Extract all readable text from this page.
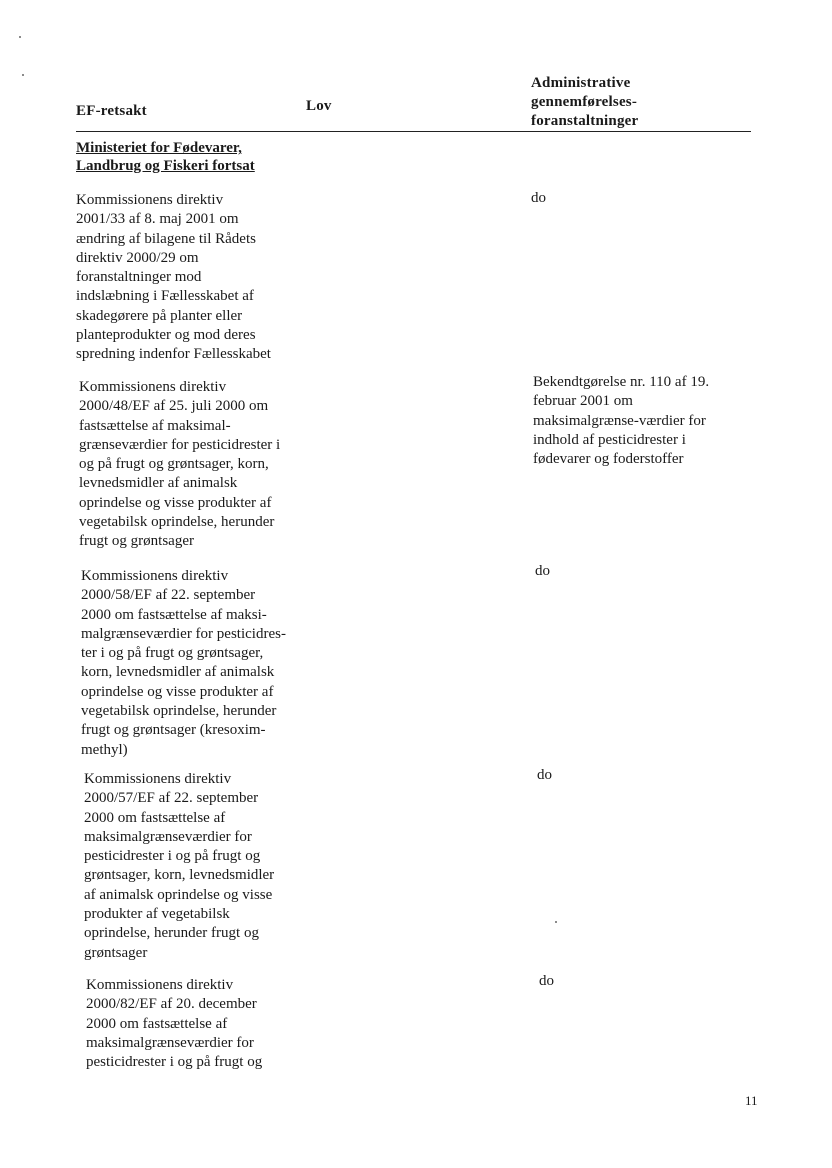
EF-retsakt	Lov
Administrative
gennemførelses-
foranstaltninger
Ministeriet for Fødevarer,
Landbrug og Fiskeri fortsat
Kommissionens direktiv
2001/33 af 8. maj 2001 om
ændring af bilagene til Rådets
direktiv 2000/29 om
foranstaltninger mod
indslæbning i Fællesskabet af
skadegørere på planter eller
planteprodukter og mod deres
spredning indenfor Fællesskabet
do
Kommissionens direktiv
2000/48/EF af 25. juli 2000 om
fastsættelse af maksimal-
grænseværdier for pesticidrester i
og på frugt og grøntsager, korn,
levnedsmidler af animalsk
oprindelse og visse produkter af
vegetabilsk oprindelse, herunder
frugt og grøntsager
Bekendtgørelse nr. 110 af 19.
februar 2001 om
maksimalgrænse-værdier for
indhold af pesticidrester i
fødevarer og foderstoffer
Kommissionens direktiv
2000/58/EF af 22. september
2000 om fastsættelse af maksi-
malgrænseværdier for pesticidres-
ter i og på frugt og grøntsager,
korn, levnedsmidler af animalsk
oprindelse og visse produkter af
vegetabilsk oprindelse, herunder
frugt og grøntsager (kresoxim-
methyl)
do
Kommissionens direktiv
2000/57/EF af 22. september
2000 om fastsættelse af
maksimalgrænseværdier for
pesticidrester i og på frugt og
grøntsager, korn, levnedsmidler
af animalsk oprindelse og visse
produkter af vegetabilsk
oprindelse, herunder frugt og
grøntsager
do
Kommissionens direktiv
2000/82/EF af 20. december
2000 om fastsættelse af
maksimalgrænseværdier for
pesticidrester i og på frugt og
do
11
